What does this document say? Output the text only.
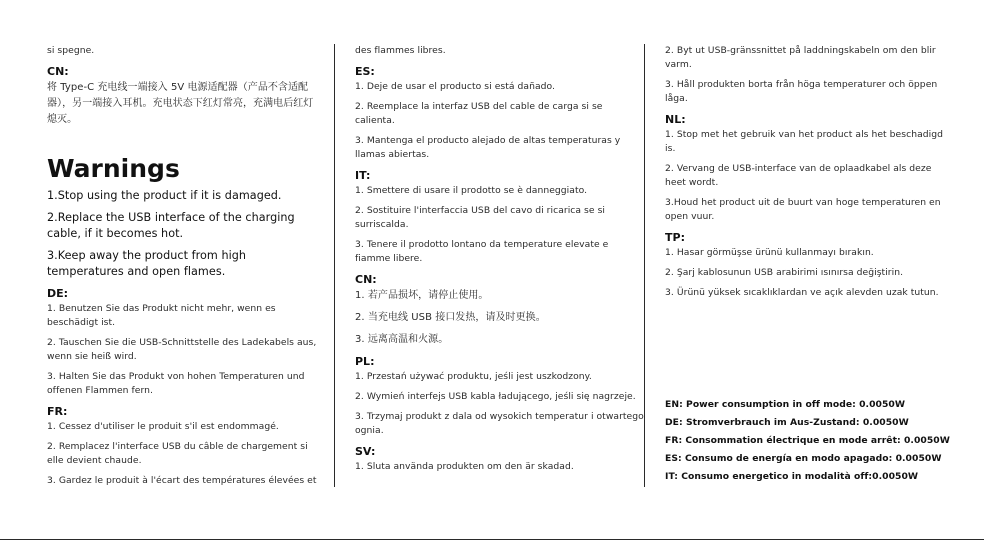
si spegne.

CN:

将 Type-C 充电线一端接入 5V 电源适配器（产品不含适配器），另一端接入耳机。充电状态下红灯常亮，充满电后红灯熄灭。

Warnings

1.Stop using the product if it is damaged.

2.Replace the USB interface of the charging cable, if it becomes hot.

3.Keep away the product from high temperatures and open flames.

DE:

1. Benutzen Sie das Produkt nicht mehr, wenn es beschädigt ist.

2. Tauschen Sie die USB-Schnittstelle des Ladekabels aus, wenn sie heiß wird.

3. Halten Sie das Produkt von hohen Temperaturen und offenen Flammen fern.

FR:

1. Cessez d'utiliser le produit s'il est endommagé.

2. Remplacez l'interface USB du câble de chargement si elle devient chaude.

3. Gardez le produit à l'écart des températures élevées et

des flammes libres.

ES:

1. Deje de usar el producto si está dañado.

2. Reemplace la interfaz USB del cable de carga si se calienta.

3. Mantenga el producto alejado de altas temperaturas y llamas abiertas.

IT:

1. Smettere di usare il prodotto se è danneggiato.

2. Sostituire l'interfaccia USB del cavo di ricarica se si surriscalda.

3. Tenere il prodotto lontano da temperature elevate e fiamme libere.

CN:

1. 若产品损坏，请停止使用。

2. 当充电线 USB 接口发热，请及时更换。

3. 远离高温和火源。

PL:

1. Przestań używać produktu, jeśli jest uszkodzony.

2. Wymień interfejs USB kabla ładującego, jeśli się nagrzeje.

3. Trzymaj produkt z dala od wysokich temperatur i otwartego ognia.

SV:

1. Sluta använda produkten om den är skadad.

2. Byt ut USB-gränssnittet på laddningskabeln om den blir varm.

3. Håll produkten borta från höga temperaturer och öppen låga.

NL:

1. Stop met het gebruik van het product als het beschadigd is.

2. Vervang de USB-interface van de oplaadkabel als deze heet wordt.

3.Houd het product uit de buurt van hoge temperaturen en open vuur.

TP:

1. Hasar görmüşse ürünü kullanmayı bırakın.

2. Şarj kablosunun USB arabirimi ısınırsa değiştirin.

3. Ürünü yüksek sıcaklıklardan ve açık alevden uzak tutun.

EN: Power consumption in off mode: 0.0050W

DE: Stromverbrauch im Aus-Zustand: 0.0050W

FR: Consommation électrique en mode arrêt: 0.0050W

ES: Consumo de energía en modo apagado: 0.0050W

IT: Consumo energetico in modalità off:0.0050W
